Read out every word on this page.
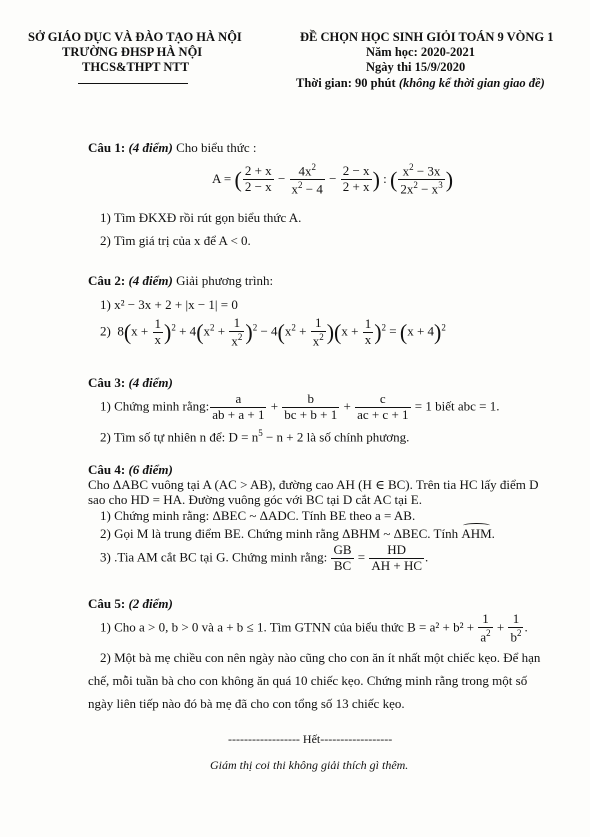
SỞ GIÁO DỤC VÀ ĐÀO TẠO HÀ NỘI
TRƯỜNG ĐHSP HÀ NỘI
THCS&THPT NTT
ĐỀ CHỌN HỌC SINH GIỎI TOÁN 9 VÒNG 1
Năm học: 2020-2021
Ngày thi 15/9/2020
Thời gian: 90 phút (không kể thời gian giao đề)
Câu 1: (4 điểm) Cho biểu thức :
A = ( $\frac{2 + x}{2 - x} - \frac{4x^2}{x^2 - 4} - \frac{2 - x}{2 + x}$ ) : ( $\frac{x^2 - 3x}{2x^2 - x^3}$ )
1) Tìm ĐKXĐ rồi rút gọn biểu thức A.
2) Tìm giá trị của x để A < 0.
Câu 2: (4 điểm) Giải phương trình:
1) x² − 3x + 2 + |x − 1| = 0
2)  $8(x + \frac{1}{x} )^2 + 4(x^2 + \frac{1}{x^2} )^2 - 4(x^2 + \frac{1}{x^2} )(x + \frac{1}{x} )^2 = (x + 4)^2$
Câu 3: (4 điểm)
1) Chứng minh rằng: $\frac{a}{ab + a + 1} + \frac{b}{bc + b + 1} + \frac{c}{ac + c + 1} = 1$ biết abc = 1.
2) Tìm số tự nhiên n để: $D = n^5 - n + 2$ là số chính phương.
Câu 4: (6 điểm)
Cho ΔABC vuông tại A (AC > AB), đường cao AH (H ∈ BC). Trên tia HC lấy điểm D
sao cho HD = HA. Đường vuông góc với BC tại D cắt AC tại E.
1) Chứng minh rằng: ΔBEC ~ ΔADC. Tính BE theo a = AB.
2) Gọi M là trung điểm BE. Chứng minh rằng ΔBHM ~ ΔBEC. Tính
AHM.
3) .Tia AM cắt BC tại G. Chứng minh rằng: $\frac{GB}{BC} = \frac{HD}{AH + HC}$ .
Câu 5: (2 điểm)
1) Cho a > 0, b > 0 và a + b ≤ 1. Tìm GTNN của biểu thức $B = a^2 + b^2 + \frac{1}{a^2} + \frac{1}{b^2}$ .
2) Một bà mẹ chiều con nên ngày nào cũng cho con ăn ít nhất một chiếc kẹo. Để hạn
chế, mỗi tuần bà cho con không ăn quá 10 chiếc kẹo. Chứng minh rằng trong một số
ngày liên tiếp nào đó bà mẹ đã cho con tổng số 13 chiếc kẹo.
------------------ Hết------------------
Giám thị coi thi không giải thích gì thêm.
